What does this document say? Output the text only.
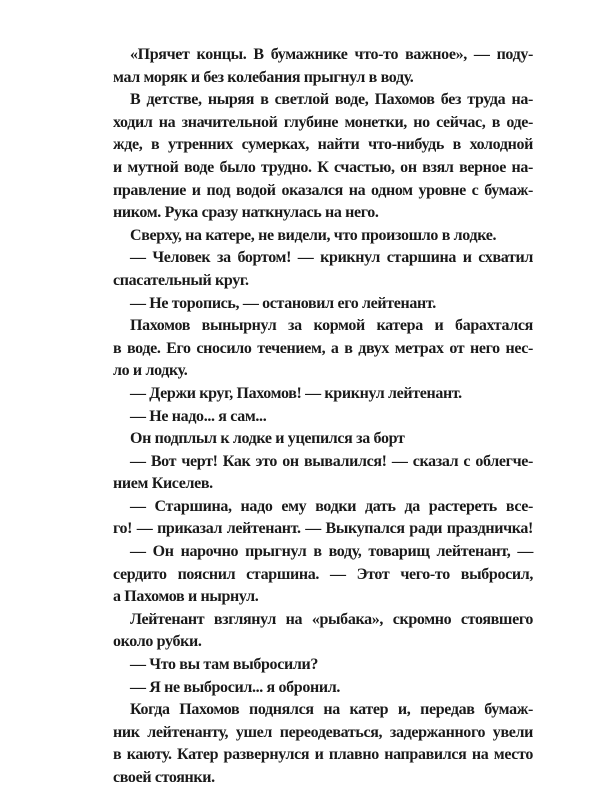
«Прячет концы. В бумажнике что-то важное», — поду-
мал моряк и без колебания прыгнул в воду.
В детстве, ныряя в светлой воде, Пахомов без труда на-
ходил на значительной глубине монетки, но сейчас, в оде-
жде, в утренних сумерках, найти что-нибудь в холодной
и мутной воде было трудно. К счастью, он взял верное на-
правление и под водой оказался на одном уровне с бумаж-
ником. Рука сразу наткнулась на него.
Сверху, на катере, не видели, что произошло в лодке.
— Человек за бортом! — крикнул старшина и схватил
спасательный круг.
— Не торопись, — остановил его лейтенант.
Пахомов вынырнул за кормой катера и барахтался
в воде. Его сносило течением, а в двух метрах от него нес-
ло и лодку.
— Держи круг, Пахомов! — крикнул лейтенант.
— Не надо... я сам...
Он подплыл к лодке и уцепился за борт
— Вот черт! Как это он вывалился! — сказал с облегче-
нием Киселев.
— Старшина, надо ему водки дать да растереть все-
го! — приказал лейтенант. — Выкупался ради праздничка!
— Он нарочно прыгнул в воду, товарищ лейтенант, —
сердито пояснил старшина. — Этот чего-то выбросил,
а Пахомов и нырнул.
Лейтенант взглянул на «рыбака», скромно стоявшего
около рубки.
— Что вы там выбросили?
— Я не выбросил... я обронил.
Когда Пахомов поднялся на катер и, передав бумаж-
ник лейтенанту, ушел переодеваться, задержанного увели
в каюту. Катер развернулся и плавно направился на место
своей стоянки.
